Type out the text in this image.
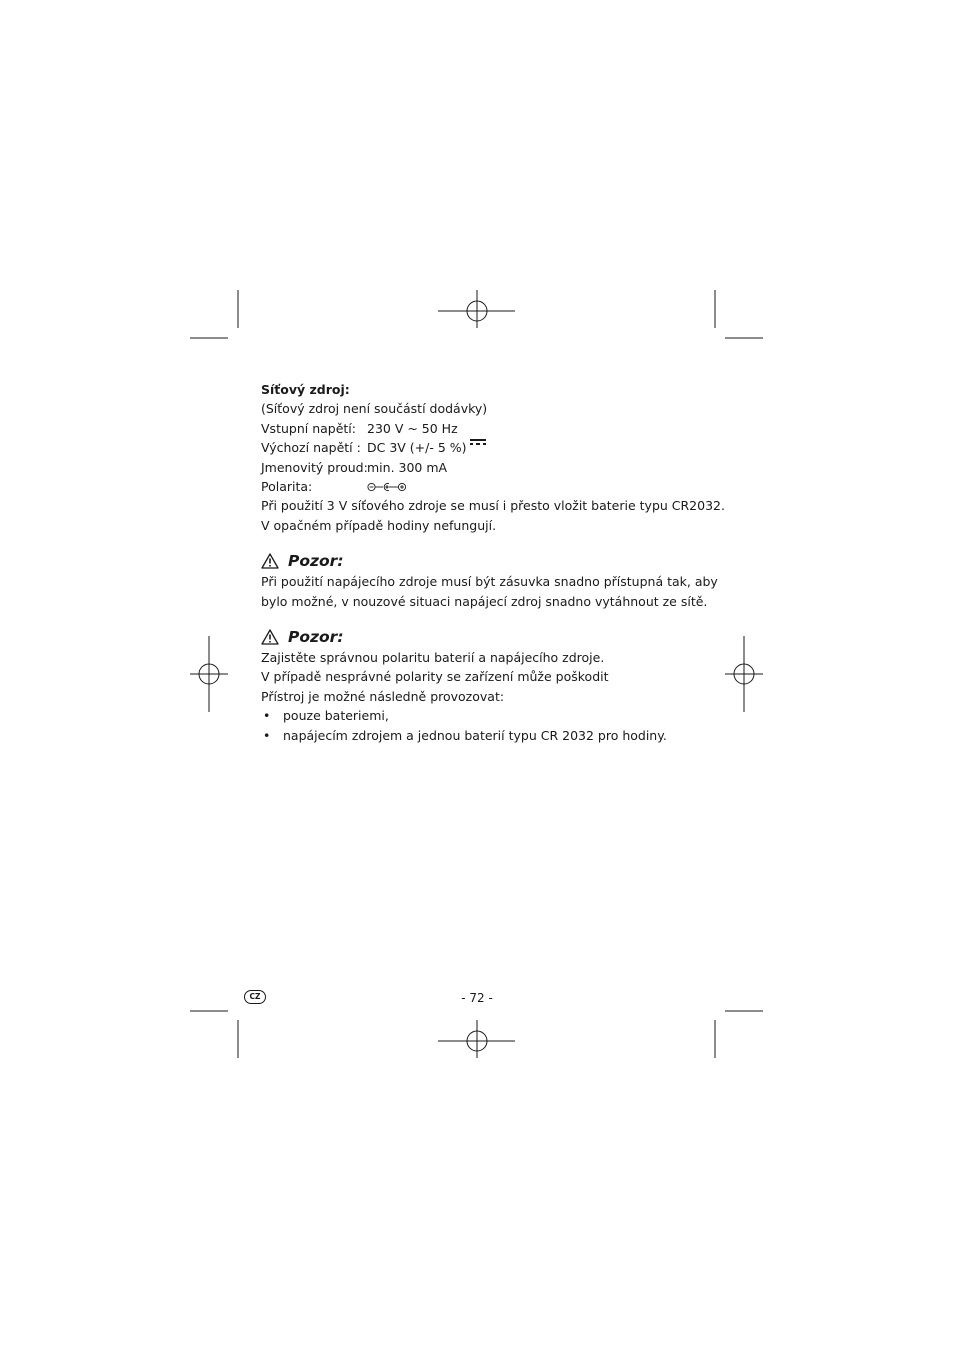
Síťový zdroj:

(Síťový zdroj není součástí dodávky)

Vstupní napětí: 230 V ~ 50 Hz
Výchozí napětí : DC 3V (+/- 5 %)
Jmenovitý proud: min. 300 mA
Polarita:

Při použití 3 V síťového zdroje se musí i přesto vložit baterie typu CR2032.

V opačném případě hodiny nefungují.

Pozor:

Při použití napájecího zdroje musí být zásuvka snadno přístupná tak, aby

bylo možné, v nouzové situaci napájecí zdroj snadno vytáhnout ze sítě.

Pozor:

Zajistěte správnou polaritu baterií a napájecího zdroje.

V případě nesprávné polarity se zařízení může poškodit

Přístroj je možné následně provozovat:

•	pouze bateriemi,
•	napájecím zdrojem a jednou baterií typu CR 2032 pro hodiny.
CZ	- 72 -
